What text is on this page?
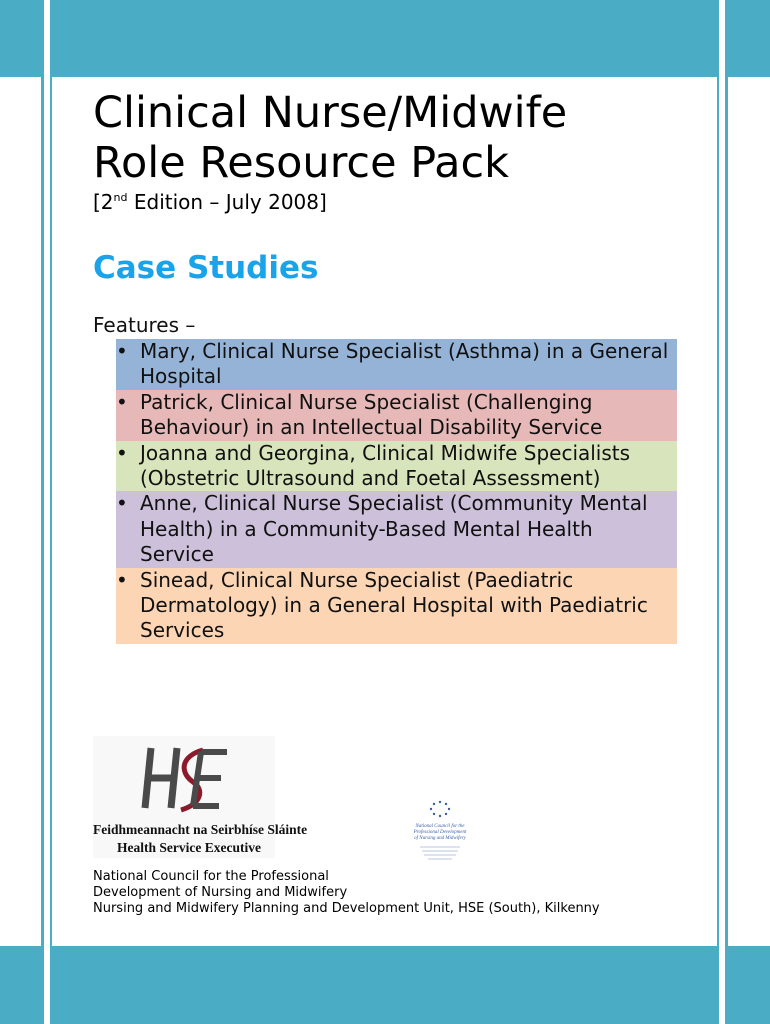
Clinical Nurse/Midwife
Role Resource Pack
[2nd Edition – July 2008]
Case Studies
Features –
• Mary, Clinical Nurse Specialist (Asthma) in a General Hospital
• Patrick, Clinical Nurse Specialist (Challenging Behaviour) in an Intellectual Disability Service
• Joanna and Georgina, Clinical Midwife Specialists (Obstetric Ultrasound and Foetal Assessment)
• Anne, Clinical Nurse Specialist (Community Mental Health) in a Community-Based Mental Health Service
• Sinead, Clinical Nurse Specialist (Paediatric Dermatology) in a General Hospital with Paediatric Services
Feidhmeannacht na Seirbhíse Sláinte
Health Service Executive
National Council for the
Professional Development
of Nursing and Midwifery
National Council for the Professional
Development of Nursing and Midwifery
Nursing and Midwifery Planning and Development Unit, HSE (South), Kilkenny
